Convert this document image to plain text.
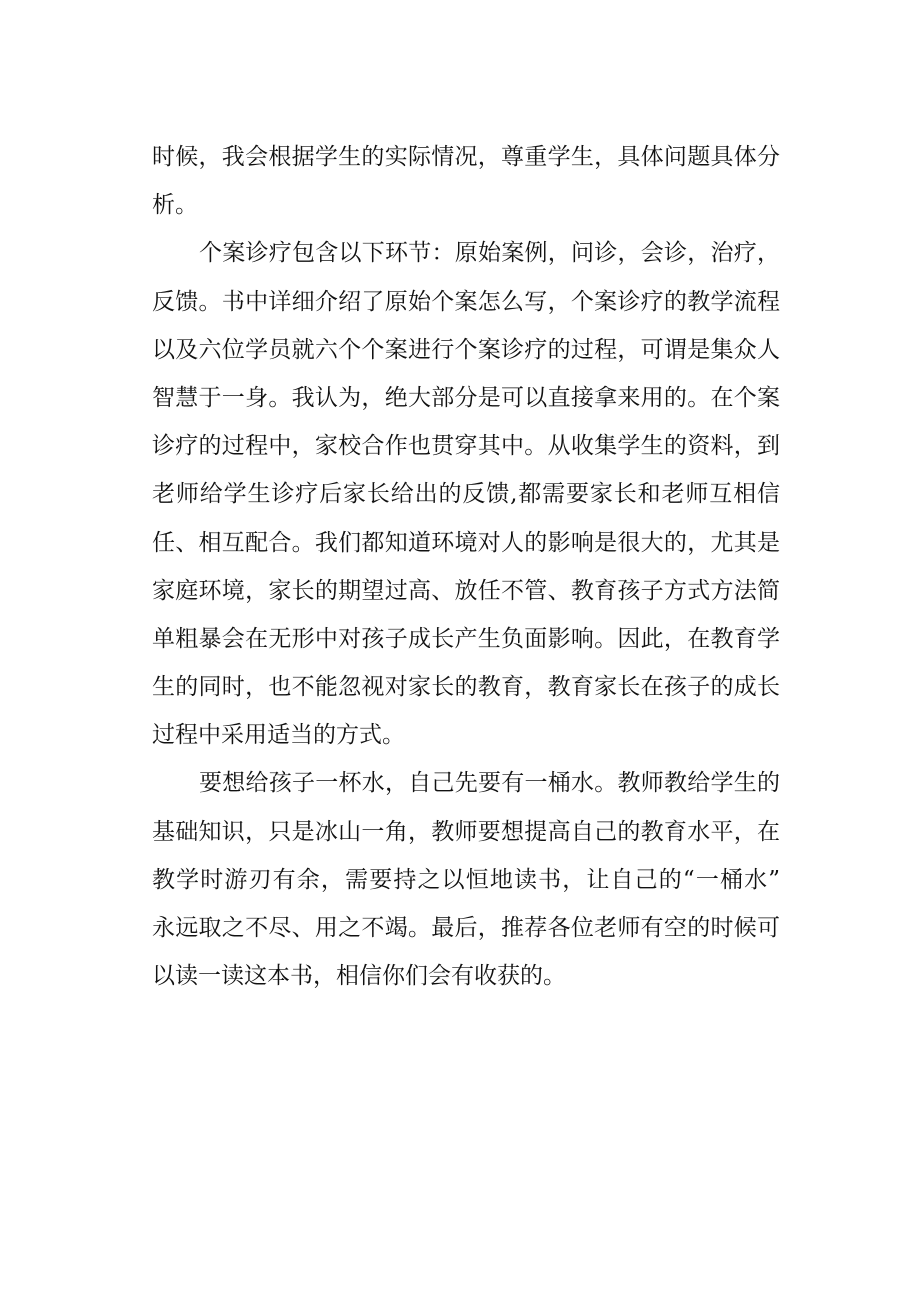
时候，我会根据学生的实际情况，尊重学生，具体问题具体分
析。
个案诊疗包含以下环节：原始案例，问诊，会诊，治疗，
反馈。书中详细介绍了原始个案怎么写，个案诊疗的教学流程
以及六位学员就六个个案进行个案诊疗的过程，可谓是集众人
智慧于一身。我认为，绝大部分是可以直接拿来用的。在个案
诊疗的过程中，家校合作也贯穿其中。从收集学生的资料，到
老师给学生诊疗后家长给出的反馈,都需要家长和老师互相信
任、相互配合。我们都知道环境对人的影响是很大的，尤其是
家庭环境，家长的期望过高、放任不管、教育孩子方式方法简
单粗暴会在无形中对孩子成长产生负面影响。因此，在教育学
生的同时，也不能忽视对家长的教育，教育家长在孩子的成长
过程中采用适当的方式。
要想给孩子一杯水，自己先要有一桶水。教师教给学生的
基础知识，只是冰山一角，教师要想提高自己的教育水平，在
教学时游刃有余，需要持之以恒地读书，让自己的“一桶水”
永远取之不尽、用之不竭。最后，推荐各位老师有空的时候可
以读一读这本书，相信你们会有收获的。
